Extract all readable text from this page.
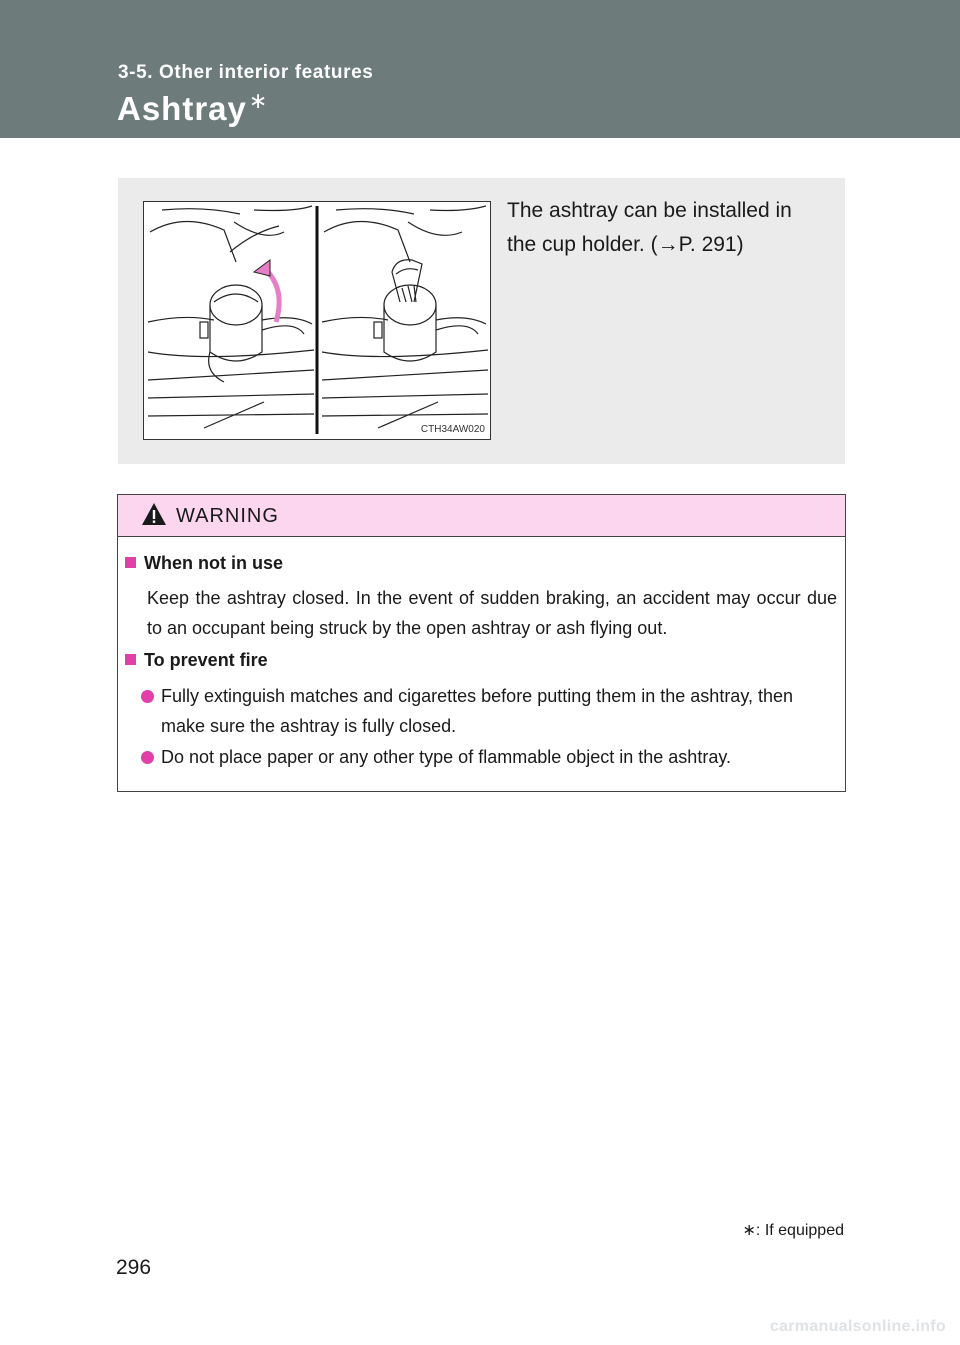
3-5. Other interior features
Ashtray∗
CTH34AW020
The ashtray can be installed in
the cup holder. (→P. 291)
WARNING
When not in use
Keep the ashtray closed. In the event of sudden braking, an accident may occur due to an occupant being struck by the open ashtray or ash flying out.
To prevent fire
Fully extinguish matches and cigarettes before putting them in the ashtray, then make sure the ashtray is fully closed.
Do not place paper or any other type of flammable object in the ashtray.
∗: If equipped
296
carmanualsonline.info
